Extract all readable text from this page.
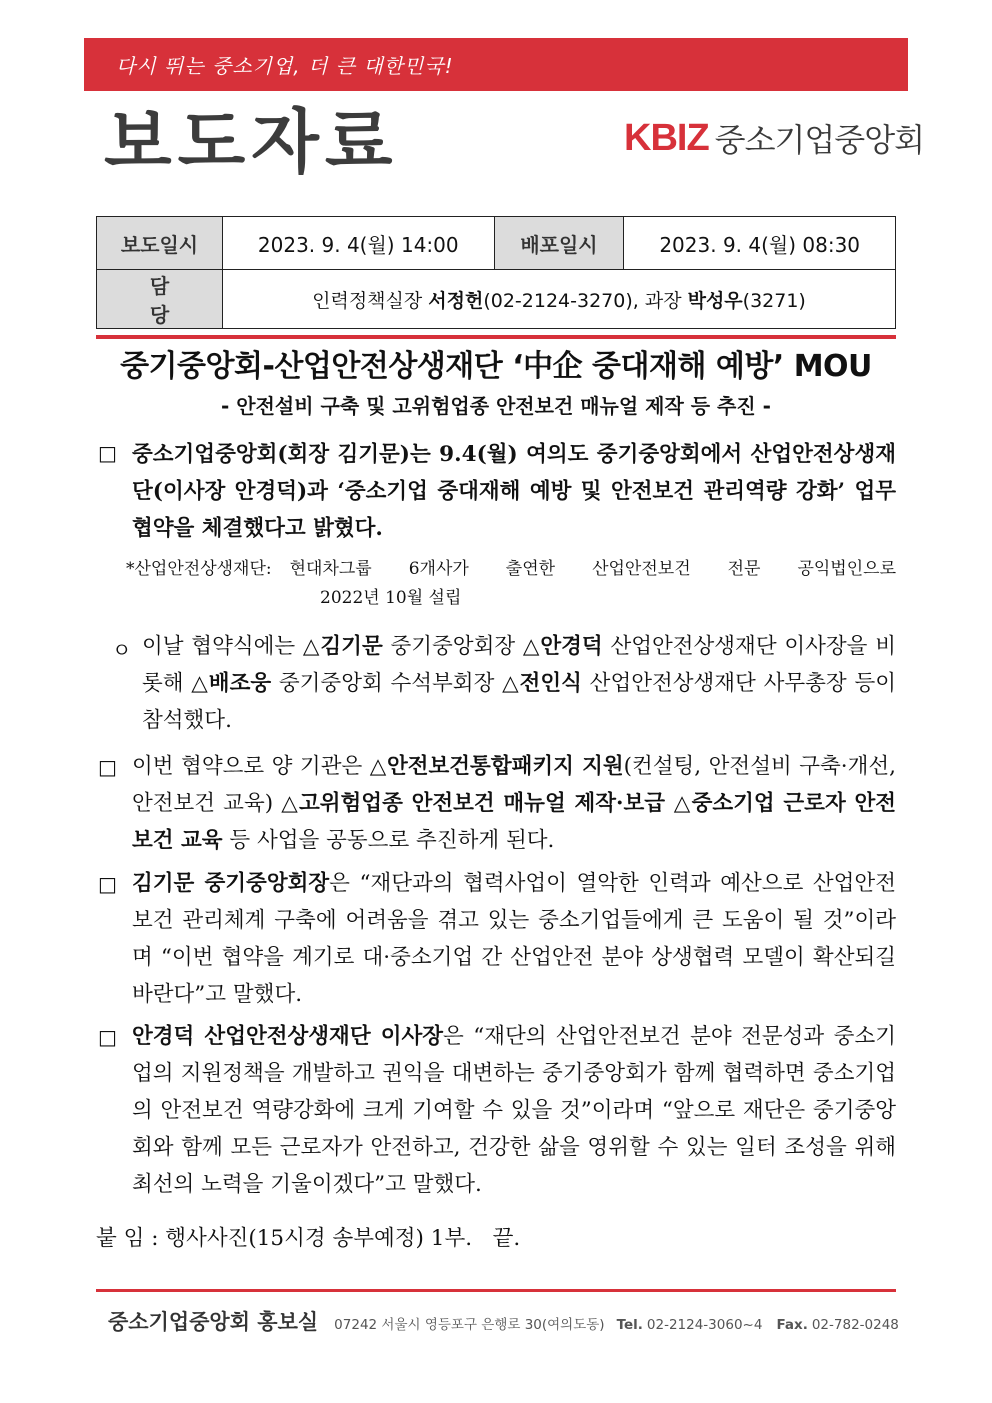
다시 뛰는 중소기업, 더 큰 대한민국!
보도자료	KBIZ 중소기업중앙회
보도일시	2023. 9. 4(월) 14:00	배포일시	2023. 9. 4(월) 08:30
담당	인력정책실장 서정헌(02-2124-3270), 과장 박성우(3271)		
중기중앙회-산업안전상생재단 ‘中企 중대재해 예방’ MOU
- 안전설비 구축 및 고위험업종 안전보건 매뉴얼 제작 등 추진 -
□ 중소기업중앙회(회장 김기문)는 9.4(월) 여의도 중기중앙회에서 산업안전상생재단(이사장 안경덕)과 ‘중소기업 중대재해 예방 및 안전보건 관리역량 강화’ 업무협약을 체결했다고 밝혔다.
*산업안전상생재단: 현대차그룹 6개사가 출연한 산업안전보건 전문 공익법인으로
2022년 10월 설립
ㅇ 이날 협약식에는 △김기문 중기중앙회장 △안경덕 산업안전상생재단 이사장을 비롯해 △배조웅 중기중앙회 수석부회장 △전인식 산업안전상생재단 사무총장 등이 참석했다.
□ 이번 협약으로 양 기관은 △안전보건통합패키지 지원(컨설팅, 안전설비 구축·개선, 안전보건 교육) △고위험업종 안전보건 매뉴얼 제작·보급 △중소기업 근로자 안전보건 교육 등 사업을 공동으로 추진하게 된다.
□ 김기문 중기중앙회장은 “재단과의 협력사업이 열악한 인력과 예산으로 산업안전보건 관리체계 구축에 어려움을 겪고 있는 중소기업들에게 큰 도움이 될 것”이라며 “이번 협약을 계기로 대·중소기업 간 산업안전 분야 상생협력 모델이 확산되길 바란다”고 말했다.
□ 안경덕 산업안전상생재단 이사장은 “재단의 산업안전보건 분야 전문성과 중소기업의 지원정책을 개발하고 권익을 대변하는 중기중앙회가 함께 협력하면 중소기업의 안전보건 역량강화에 크게 기여할 수 있을 것”이라며 “앞으로 재단은 중기중앙회와 함께 모든 근로자가 안전하고, 건강한 삶을 영위할 수 있는 일터 조성을 위해 최선의 노력을 기울이겠다”고 말했다.
붙 임 : 행사사진(15시경 송부예정) 1부.   끝.
중소기업중앙회 홍보실 07242 서울시 영등포구 은행로 30(여의도동) Tel. 02-2124-3060~4 Fax. 02-782-0248
